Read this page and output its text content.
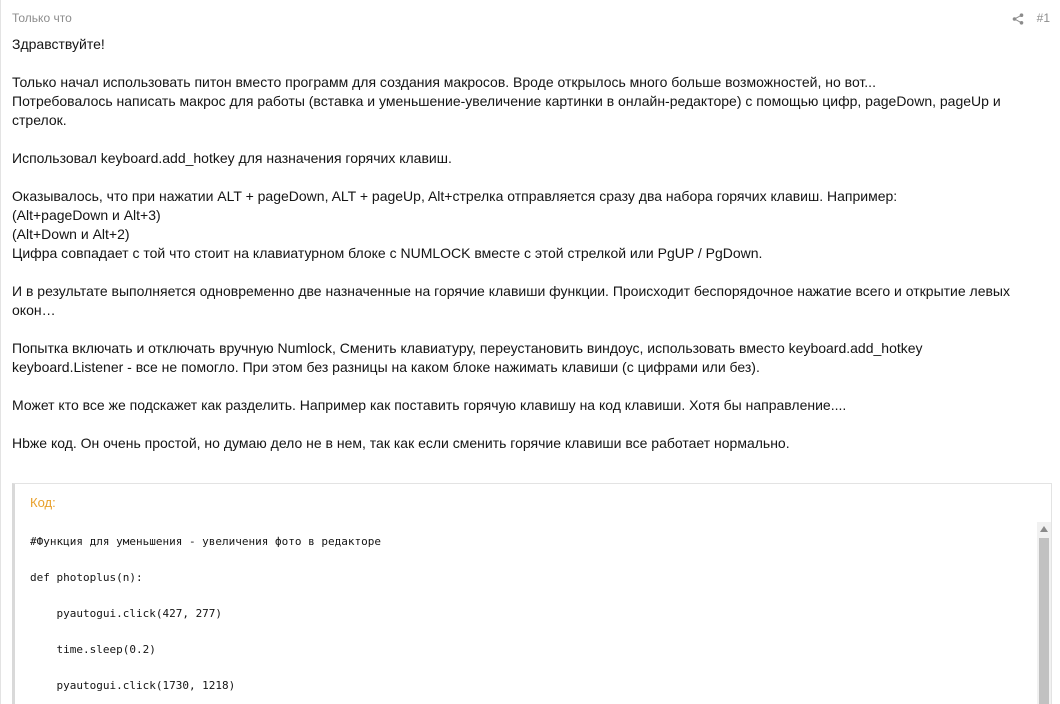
Только что	#1
Здравствуйте!
Только начал использовать питон вместо программ для создания макросов. Вроде открылось много больше возможностей, но вот...
Потребовалось написать макрос для работы (вставка и уменьшение-увеличение картинки в онлайн-редакторе) с помощью цифр, pageDown, pageUp и
стрелок.
Использовал keyboard.add_hotkey для назначения горячих клавиш.
Оказывалось, что при нажатии ALT + pageDown, ALT + pageUp, Alt+стрелка отправляется сразу два набора горячих клавиш. Например:
(Alt+pageDown и Alt+3)
(Alt+Down и Alt+2)
Цифра совпадает с той что стоит на клавиатурном блоке с NUMLOCK вместе с этой стрелкой или PgUP / PgDown.
И в результате выполняется одновременно две назначенные на горячие клавиши функции. Происходит беспорядочное нажатие всего и открытие левых
окон…
Попытка включать и отключать вручную Numlock, Сменить клавиатуру, переустановить виндоус, использовать вместо keyboard.add_hotkey
keyboard.Listener - все не помогло. При этом без разницы на каком блоке нажимать клавиши (с цифрами или без).
Может кто все же подскажет как разделить. Например как поставить горячую клавишу на код клавиши. Хотя бы направление....
Hbже код. Он очень простой, но думаю дело не в нем, так как если сменить горячие клавиши все работает нормально.
Код:
#Функция для уменьшения - увеличения фото в редакторе
def photoplus(n):
pyautogui.click(427, 277)
time.sleep(0.2)
pyautogui.click(1730, 1218)
